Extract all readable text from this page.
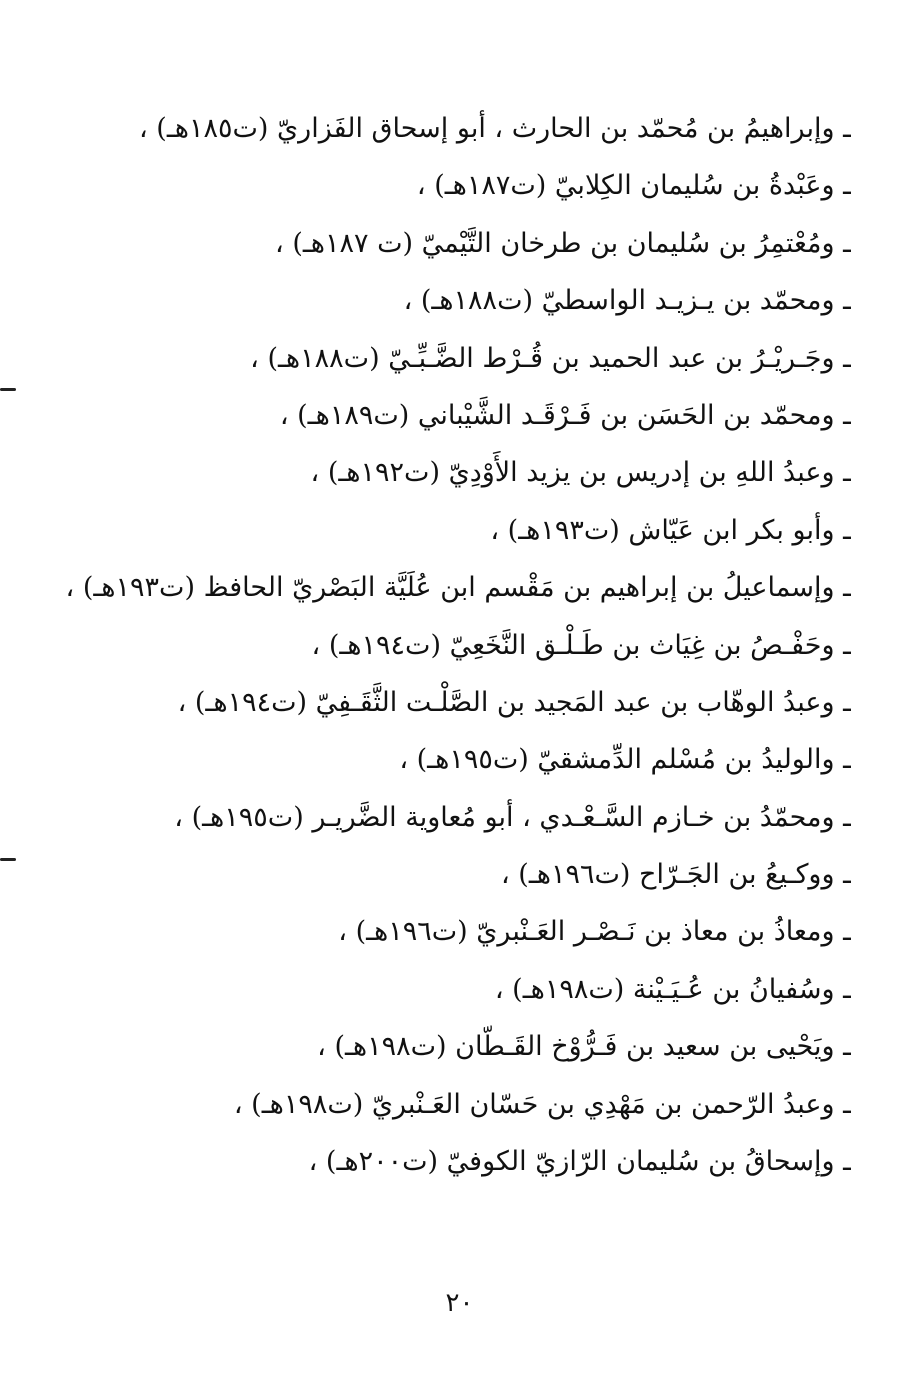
ـ وإبراهيمُ بن مُحمّد بن الحارث ، أبو إسحاق الفَزاريّ (ت١٨٥هـ) ،
ـ وعَبْدةُ بن سُليمان الكِلابيّ (ت١٨٧هـ) ،
ـ ومُعْتمِرُ بن سُليمان بن طرخان التَّيْميّ (ت ١٨٧هـ) ،
ـ ومحمّد بن يـزيـد الواسطيّ (ت١٨٨هـ) ،
ـ وجَـريْـرُ بن عبد الحميد بن قُـرْط الضَّـبِّـيّ (ت١٨٨هـ) ،
ـ ومحمّد بن الحَسَن بن فَـرْقَـد الشَّيْباني (ت١٨٩هـ) ،
ـ وعبدُ اللهِ بن إدريس بن يزيد الأَوْدِيّ (ت١٩٢هـ) ،
ـ وأبو بكر ابن عَيّاش (ت١٩٣هـ) ،
ـ وإسماعيلُ بن إبراهيم بن مَقْسم ابن عُلَيَّة البَصْريّ الحافظ (ت١٩٣هـ) ،
ـ وحَفْـصُ بن غِيَاث بن طَـلْـق النَّخَعِيّ (ت١٩٤هـ) ،
ـ وعبدُ الوهّاب بن عبد المَجيد بن الصَّلْـت الثَّقَـفِيّ (ت١٩٤هـ) ،
ـ والوليدُ بن مُسْلم الدِّمشقيّ (ت١٩٥هـ) ،
ـ ومحمّدُ بن خـازم السَّـعْـدي ، أبو مُعاوية الضَّريـر (ت١٩٥هـ) ،
ـ ووكـيعُ بن الجَـرّاح (ت١٩٦هـ) ،
ـ ومعاذُ بن معاذ بن نَـصْـر العَـنْبريّ (ت١٩٦هـ) ،
ـ وسُفيانُ بن عُـيَـيْنة (ت١٩٨هـ) ،
ـ ويَحْيى بن سعيد بن فَـرُّوْخ القَـطّان (ت١٩٨هـ) ،
ـ وعبدُ الرّحمن بن مَهْدِي بن حَسّان العَـنْبريّ (ت١٩٨هـ) ،
ـ وإسحاقُ بن سُليمان الرّازيّ الكوفيّ (ت٢٠٠هـ) ،
٢٠
